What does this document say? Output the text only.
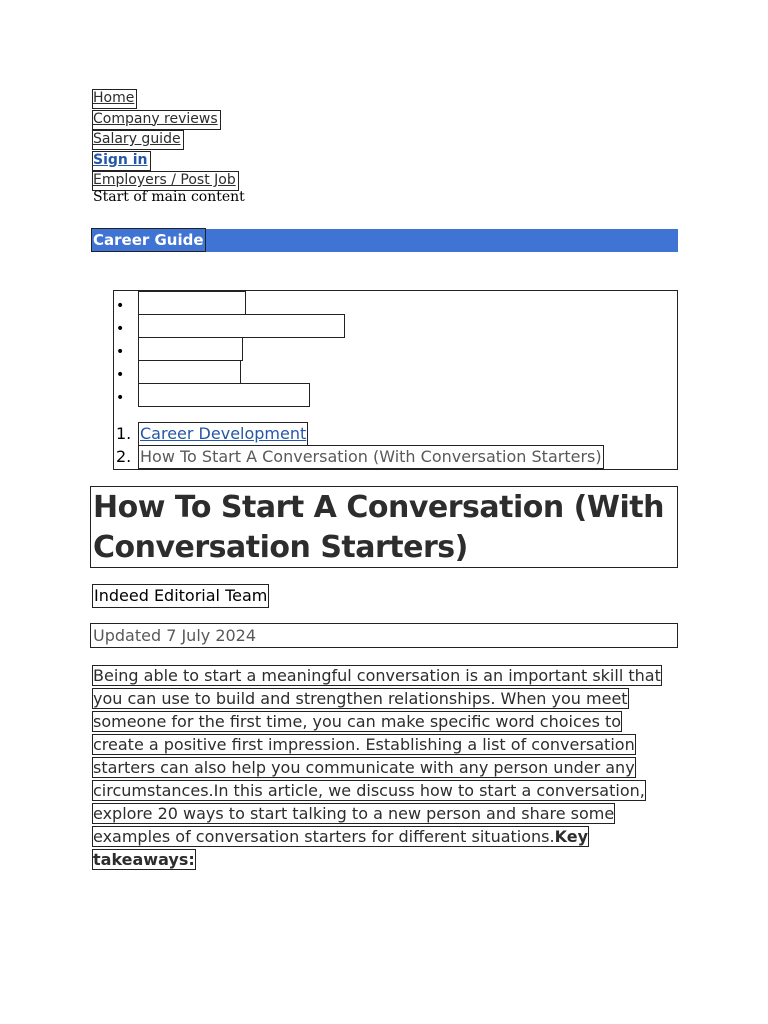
Home
Company reviews
Salary guide
Sign in
Employers / Post Job
Start of main content
Career Guide
•
•
•
•
•
1. Career Development
2. How To Start A Conversation (With Conversation Starters)
How To Start A Conversation (With Conversation Starters)
Indeed Editorial Team
Updated 7 July 2024
Being able to start a meaningful conversation is an important skill that
you can use to build and strengthen relationships. When you meet
someone for the first time, you can make specific word choices to
create a positive first impression. Establishing a list of conversation
starters can also help you communicate with any person under any
circumstances.In this article, we discuss how to start a conversation,
explore 20 ways to start talking to a new person and share some
examples of conversation starters for different situations.Key
takeaways:
